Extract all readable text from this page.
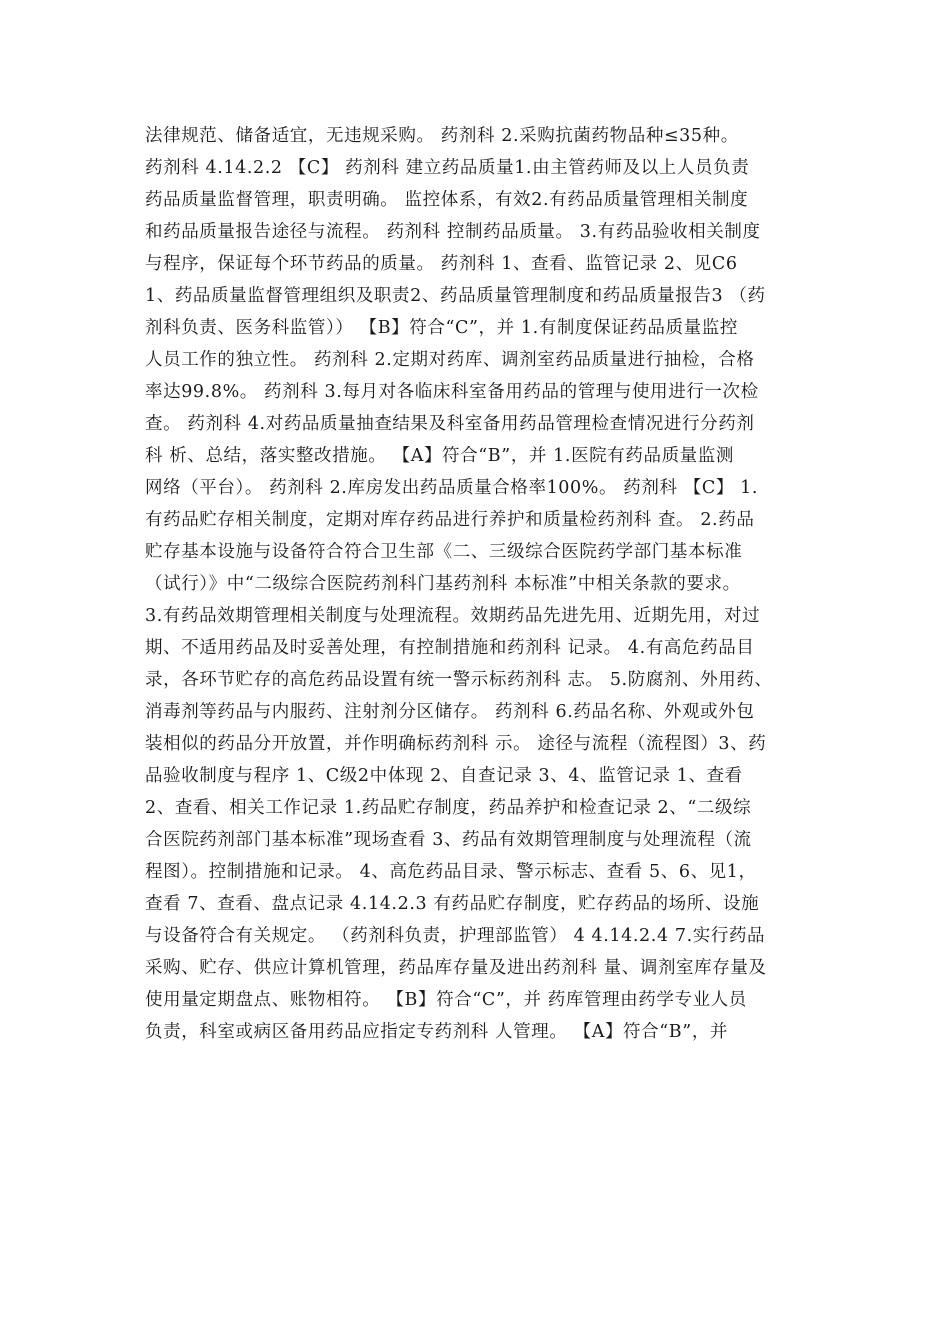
法律规范、储备适宜，无违规采购。 药剂科 2.采购抗菌药物品种≤35种。
药剂科 4.14.2.2 【C】 药剂科 建立药品质量1.由主管药师及以上人员负责
药品质量监督管理，职责明确。 监控体系，有效2.有药品质量管理相关制度
和药品质量报告途径与流程。 药剂科 控制药品质量。 3.有药品验收相关制度
与程序，保证每个环节药品的质量。 药剂科 1、查看、监管记录 2、见C6
1、药品质量监督管理组织及职责2、药品质量管理制度和药品质量报告3 （药
剂科负责、医务科监管）） 【B】符合“C”，并 1.有制度保证药品质量监控
人员工作的独立性。 药剂科 2.定期对药库、调剂室药品质量进行抽检，合格
率达99.8%。 药剂科 3.每月对各临床科室备用药品的管理与使用进行一次检
查。 药剂科 4.对药品质量抽查结果及科室备用药品管理检查情况进行分药剂
科 析、总结，落实整改措施。 【A】符合“B”，并 1.医院有药品质量监测
网络（平台）。 药剂科 2.库房发出药品质量合格率100%。 药剂科 【C】 1.
有药品贮存相关制度，定期对库存药品进行养护和质量检药剂科 查。 2.药品
贮存基本设施与设备符合符合卫生部《二、三级综合医院药学部门基本标准
（试行）》中“二级综合医院药剂科门基药剂科 本标准”中相关条款的要求。
3.有药品效期管理相关制度与处理流程。效期药品先进先用、近期先用，对过
期、不适用药品及时妥善处理，有控制措施和药剂科 记录。 4.有高危药品目
录，各环节贮存的高危药品设置有统一警示标药剂科 志。 5.防腐剂、外用药、
消毒剂等药品与内服药、注射剂分区储存。 药剂科 6.药品名称、外观或外包
装相似的药品分开放置，并作明确标药剂科 示。 途径与流程（流程图）3、药
品验收制度与程序 1、C级2中体现 2、自查记录 3、4、监管记录 1、查看
2、查看、相关工作记录 1.药品贮存制度，药品养护和检查记录 2、“二级综
合医院药剂部门基本标准”现场查看 3、药品有效期管理制度与处理流程（流
程图）。控制措施和记录。 4、高危药品目录、警示标志、查看 5、6、见1，
查看 7、查看、盘点记录 4.14.2.3 有药品贮存制度，贮存药品的场所、设施
与设备符合有关规定。 （药剂科负责，护理部监管） 4 4.14.2.4 7.实行药品
采购、贮存、供应计算机管理，药品库存量及进出药剂科 量、调剂室库存量及
使用量定期盘点、账物相符。 【B】符合“C”，并 药库管理由药学专业人员
负责，科室或病区备用药品应指定专药剂科 人管理。 【A】符合“B”，并
